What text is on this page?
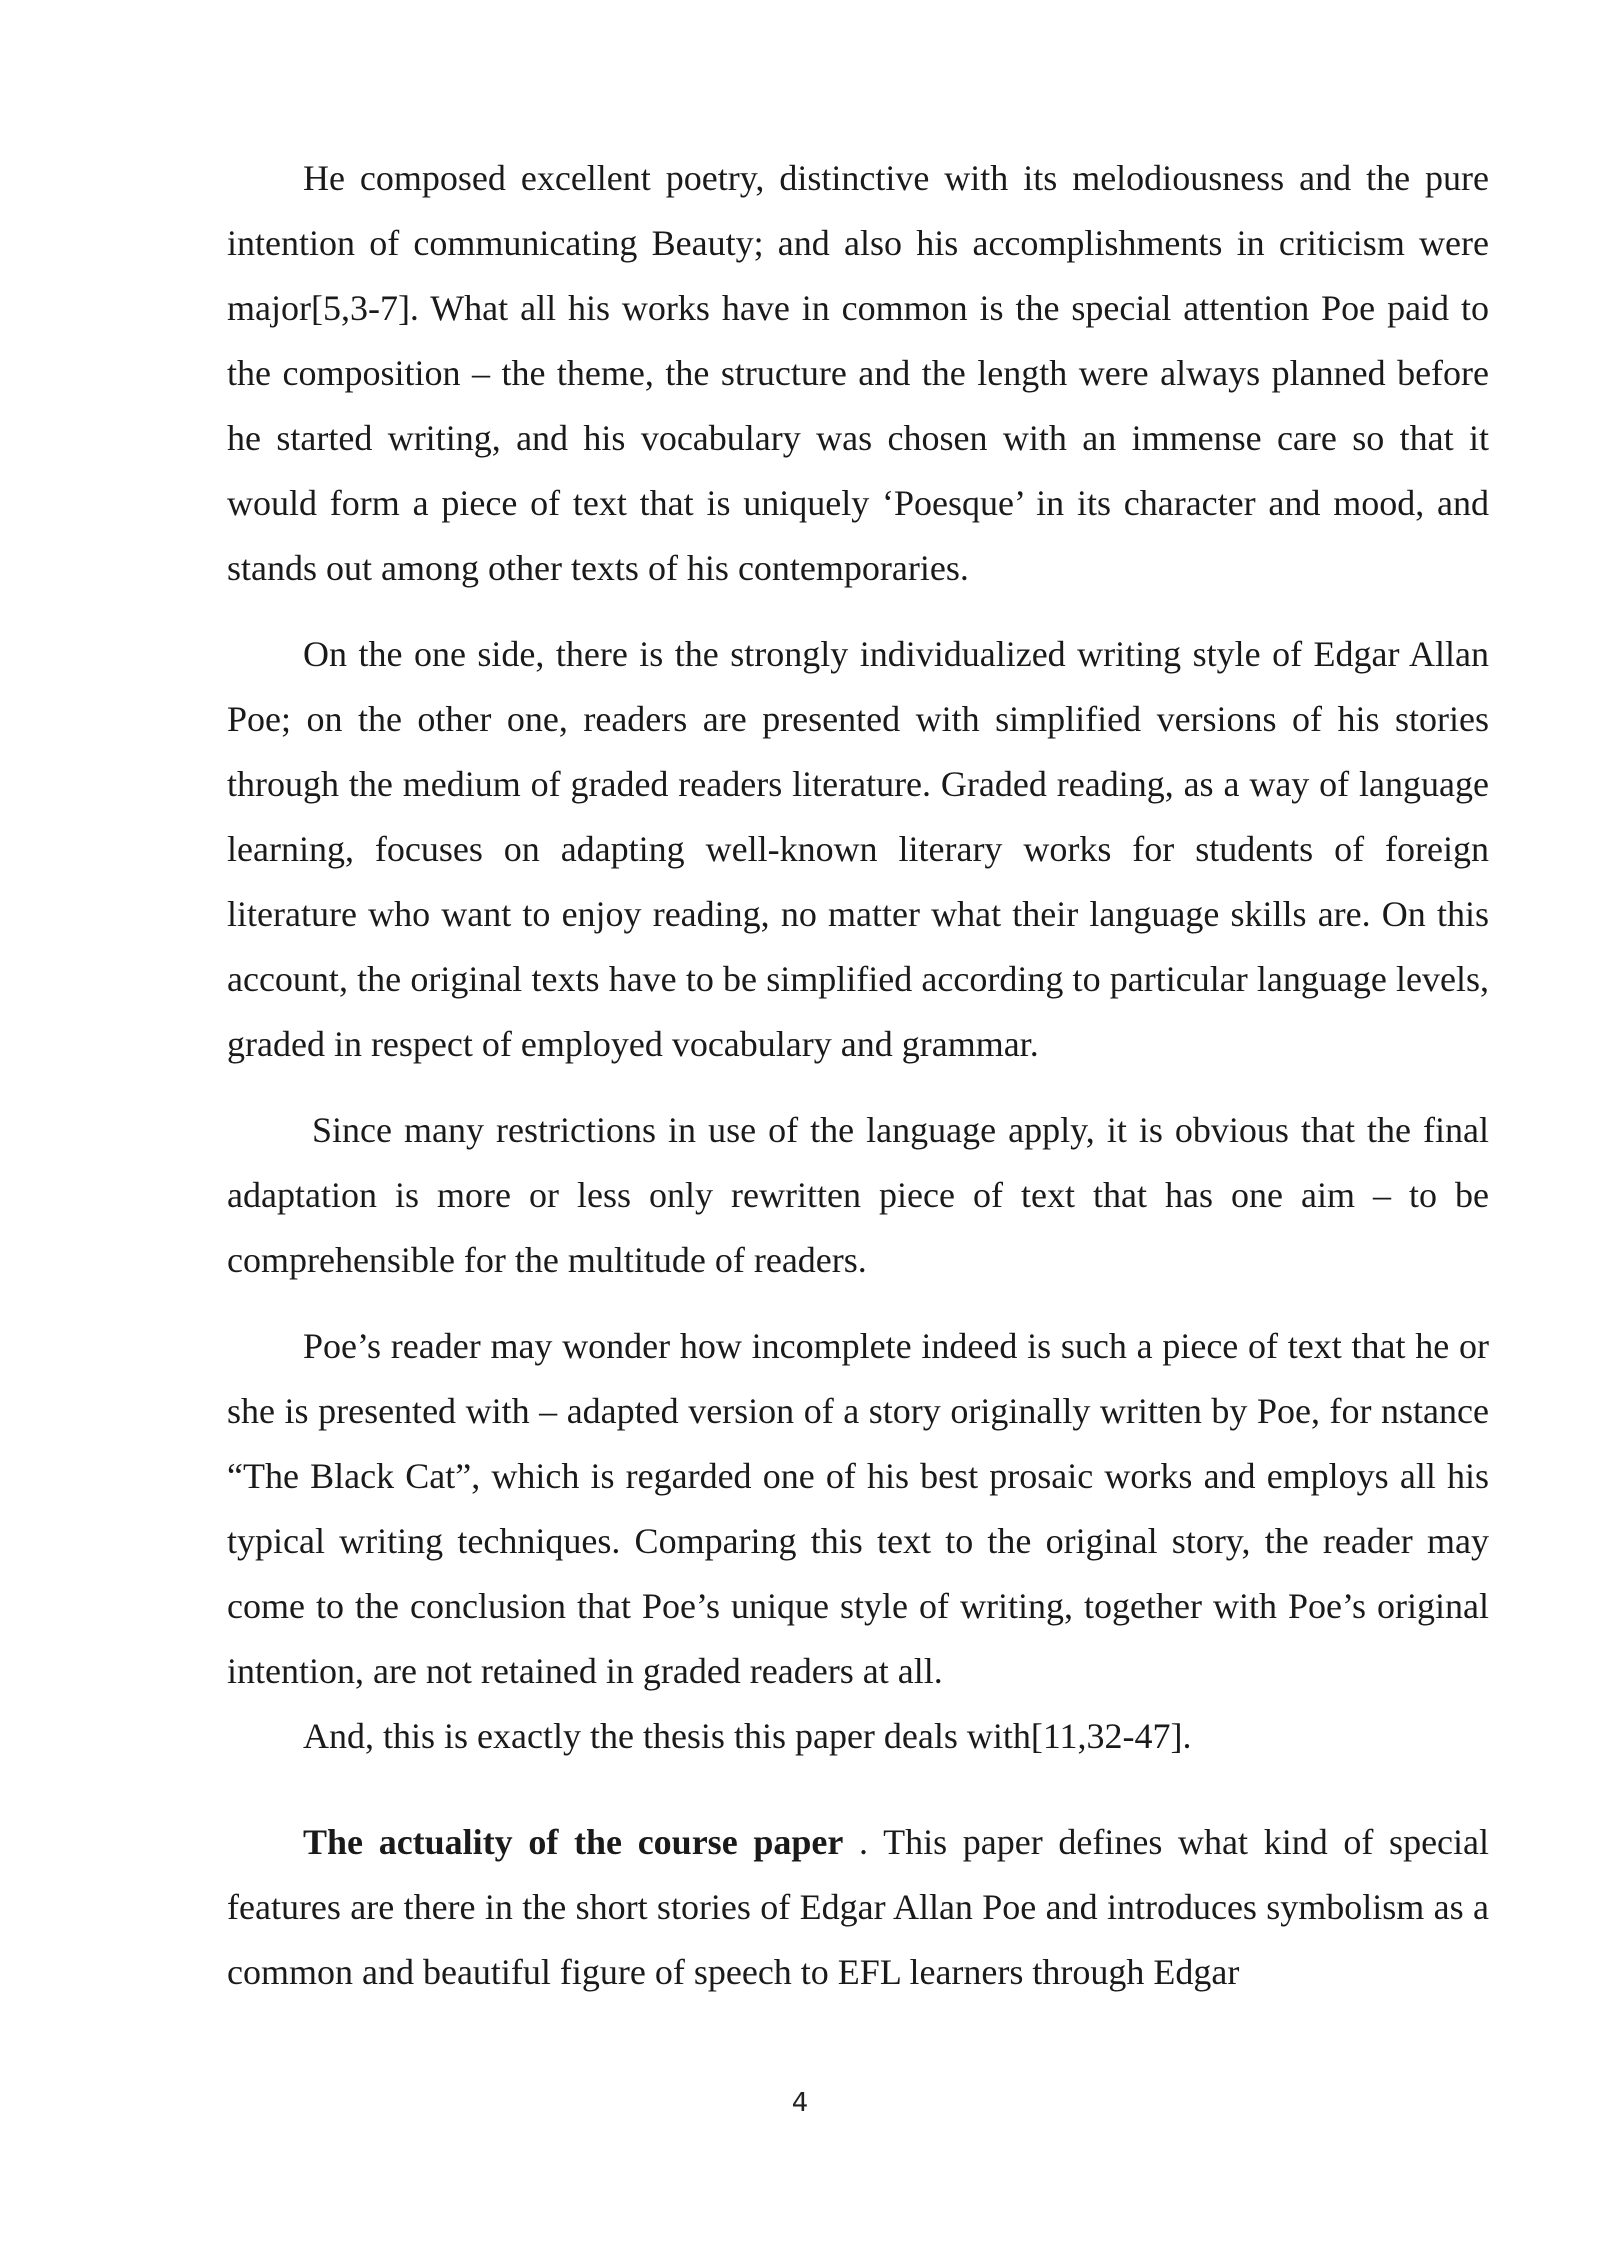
He composed excellent poetry, distinctive with its melodiousness and the pure intention of communicating Beauty; and also his accomplishments in criticism were major[5,3-7]. What all his works have in common is the special attention Poe paid to the composition – the theme, the structure and the length were always planned before he started writing, and his vocabulary was chosen with an immense care so that it would form a piece of text that is uniquely ‘Poesque’ in its character and mood, and stands out among other texts of his contemporaries.

On the one side, there is the strongly individualized writing style of Edgar Allan Poe; on the other one, readers are presented with simplified versions of his stories through the medium of graded readers literature. Graded reading, as a way of language learning, focuses on adapting well-known literary works for students of foreign literature who want to enjoy reading, no matter what their language skills are. On this account, the original texts have to be simplified according to particular language levels, graded in respect of employed vocabulary and grammar.

Since many restrictions in use of the language apply, it is obvious that the final adaptation is more or less only rewritten piece of text that has one aim – to be comprehensible for the multitude of readers.

Poe’s reader may wonder how incomplete indeed is such a piece of text that he or she is presented with – adapted version of a story originally written by Poe, for nstance “The Black Cat”, which is regarded one of his best prosaic works and employs all his typical writing techniques. Comparing this text to the original story, the reader may come to the conclusion that Poe’s unique style of writing, together with Poe’s original intention, are not retained in graded readers at all.

And, this is exactly the thesis this paper deals with[11,32-47].

The actuality of the course paper . This paper defines what kind of special features are there in the short stories of Edgar Allan Poe and introduces symbolism as a common and beautiful figure of speech to EFL learners through Edgar

4
